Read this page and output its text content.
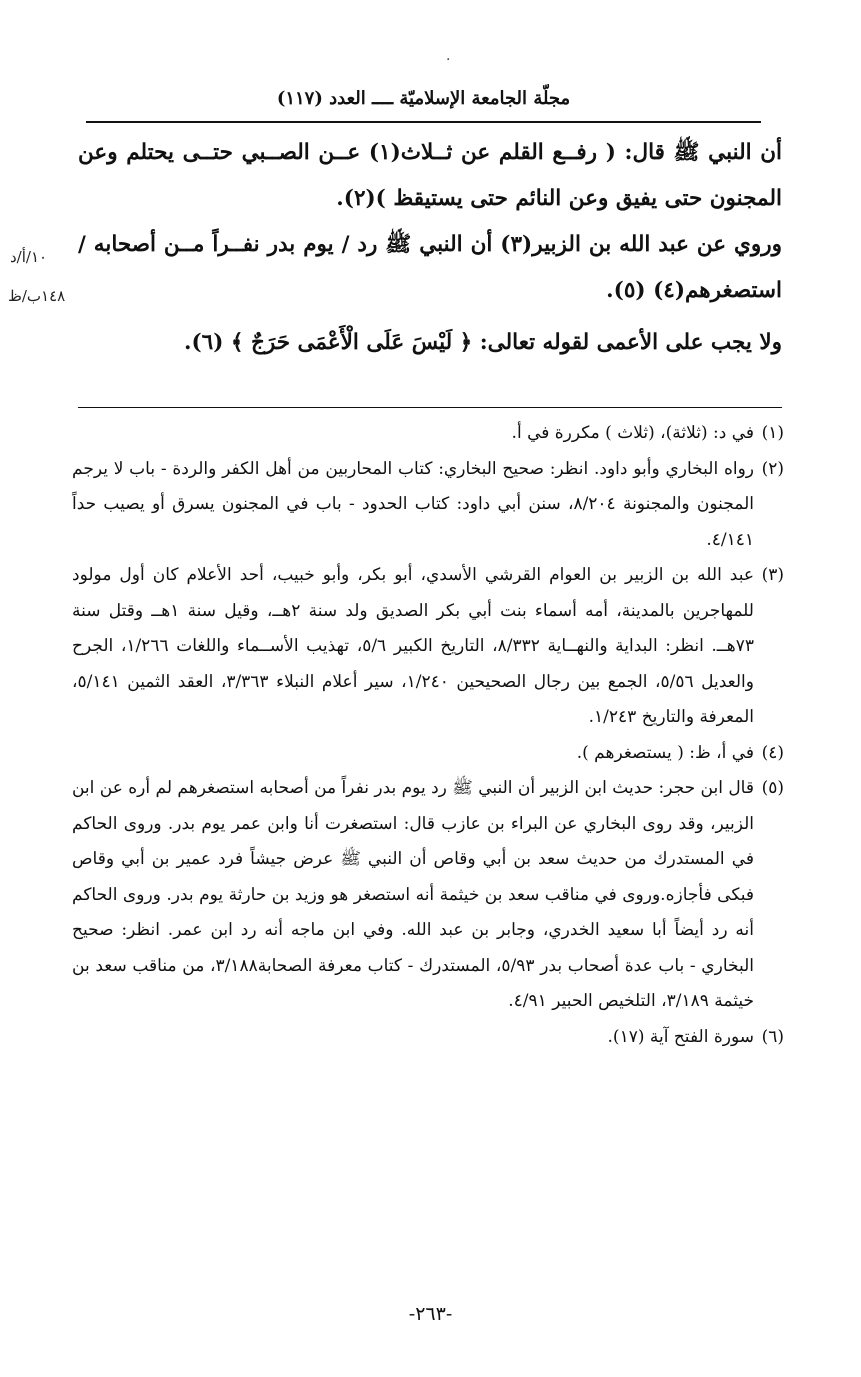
·
مجلّة الجامعة الإسلاميّة ــــ العدد (١١٧)
١٠/أ/د
١٤٨ب/ظ

أن النبي ﷺ قال: ( رفــع القلم عن ثــلاث(١) عــن الصــبي حتــى يحتلم وعن المجنون حتى يفيق وعن النائم حتى يستيقظ )(٢).

وروي عن عبد الله بن الزبير(٣) أن النبي ﷺ رد / يوم بدر نفــراً مــن أصحابه / استصغرهم(٤) (٥).

ولا يجب على الأعمى لقوله تعالى: ﴿ لَيْسَ عَلَى الْأَعْمَى حَرَجٌ ﴾ (٦).

(١)
في د: (ثلاثة)، (ثلاث ) مكررة في أ.
(٢)
رواه البخاري وأبو داود. انظر: صحيح البخاري: كتاب المحاربين من أهل الكفر والردة - باب لا يرجم المجنون والمجنونة ٨/٢٠٤، سنن أبي داود: كتاب الحدود - باب في المجنون يسرق أو يصيب حداً ٤/١٤١.
(٣)
عبد الله بن الزبير بن العوام القرشي الأسدي، أبو بكر، وأبو خبيب، أحد الأعلام كان أول مولود للمهاجرين بالمدينة، أمه أسماء بنت أبي بكر الصديق ولد سنة ٢هــ، وقيل سنة ١هــ وقتل سنة ٧٣هــ. انظر: البداية والنهــاية ٨/٣٣٢، التاريخ الكبير ٥/٦، تهذيب الأســماء واللغات ١/٢٦٦، الجرح والعديل ٥/٥٦، الجمع بين رجال الصحيحين ١/٢٤٠، سير أعلام النبلاء ٣/٣٦٣، العقد الثمين ٥/١٤١، المعرفة والتاريخ ١/٢٤٣.
(٤)
في أ، ظ: ( يستصغرهم ).
(٥)
قال ابن حجر: حديث ابن الزبير أن النبي ﷺ رد يوم بدر نفراً من أصحابه استصغرهم لم أره عن ابن الزبير، وقد روى البخاري عن البراء بن عازب قال: استصغرت أنا وابن عمر يوم بدر. وروى الحاكم في المستدرك من حديث سعد بن أبي وقاص أن النبي ﷺ عرض جيشاً فرد عمير بن أبي وقاص فبكى فأجازه.وروى في مناقب سعد بن خيثمة أنه استصغر هو وزيد بن حارثة يوم بدر. وروى الحاكم أنه رد أيضاً أبا سعيد الخدري، وجابر بن عبد الله. وفي ابن ماجه أنه رد ابن عمر. انظر: صحيح البخاري - باب عدة أصحاب بدر ٥/٩٣، المستدرك - كتاب معرفة الصحابة٣/١٨٨، من مناقب سعد بن خيثمة ٣/١٨٩، التلخيص الحبير ٤/٩١.
(٦)
سورة الفتح آية (١٧).
-٢٦٣-
